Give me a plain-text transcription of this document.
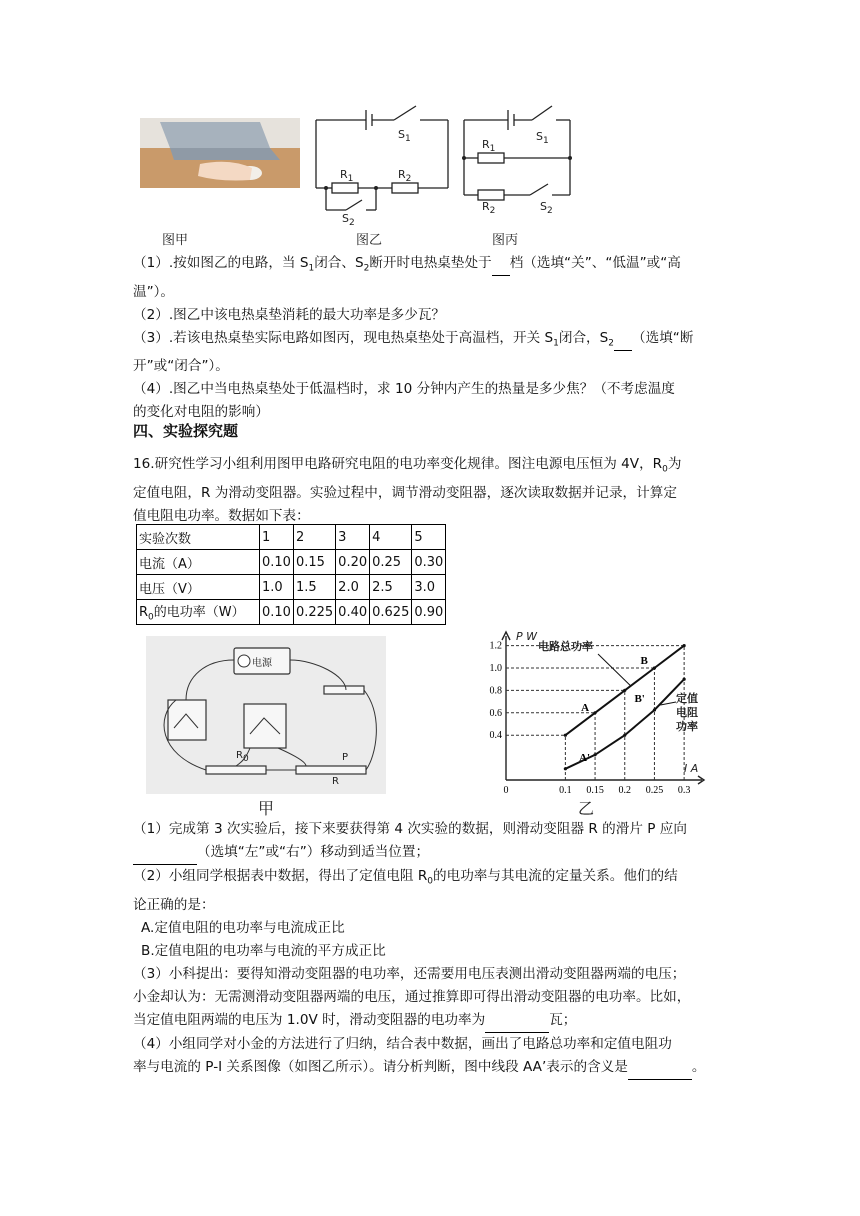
图甲
$S_1$
$R_1$	$R_2$
$S_2$
图乙
$S_1$
$R_1$
$R_2$	$S_2$
图丙

（1）.按如图乙的电路，当 $S_1$闭合、$S_2$断开时电热桌垫处于 档（选填“关”、“低温”或“高

温”）。

（2）.图乙中该电热桌垫消耗的最大功率是多少瓦？

（3）.若该电热桌垫实际电路如图丙，现电热桌垫处于高温档，开关 $S_1$闭合，$S_2$ （选填“断

开”或“闭合”）。

（4）.图乙中当电热桌垫处于低温档时，求 10 分钟内产生的热量是多少焦？（不考虑温度

的变化对电阻的影响）

四、实验探究题

16.研究性学习小组利用图甲电路研究电阻的电功率变化规律。图注电源电压恒为 4V，$R_0$为

定值电阻，R 为滑动变阻器。实验过程中，调节滑动变阻器，逐次读取数据并记录，计算定

值电阻电功率。数据如下表：

实验次数	1	2	3	4	5
电流（A）	0.10	0.15	0.20	0.25	0.30
电压（V）	1.0	1.5	2.0	2.5	3.0
$R_0$的电功率（W）	0.10	0.225	0.40	0.625	0.90
电源
$R_0$	P
R
甲
0	0.1 0.15 0.2 0.25 0.3
1.2
1.0
0.8
0.6
0.4
A
A'
B
B'
P W
I A
电路总功率
定值电阻功率
乙

（1）完成第 3 次实验后，接下来要获得第 4 次实验的数据，则滑动变阻器 R 的滑片 P 应向

（选填“左”或“右”）移动到适当位置；

（2）小组同学根据表中数据，得出了定值电阻 $R_0$的电功率与其电流的定量关系。他们的结

论正确的是：

A.定值电阻的电功率与电流成正比

B.定值电阻的电功率与电流的平方成正比

（3）小科提出：要得知滑动变阻器的电功率，还需要用电压表测出滑动变阻器两端的电压；

小金却认为：无需测滑动变阻器两端的电压，通过推算即可得出滑动变阻器的电功率。比如，

当定值电阻两端的电压为 1.0V 时，滑动变阻器的电功率为	瓦；

（4）小组同学对小金的方法进行了归纳，结合表中数据，画出了电路总功率和定值电阻功

率与电流的 P-I 关系图像（如图乙所示）。请分析判断，图中线段 AA’表示的含义是	。
